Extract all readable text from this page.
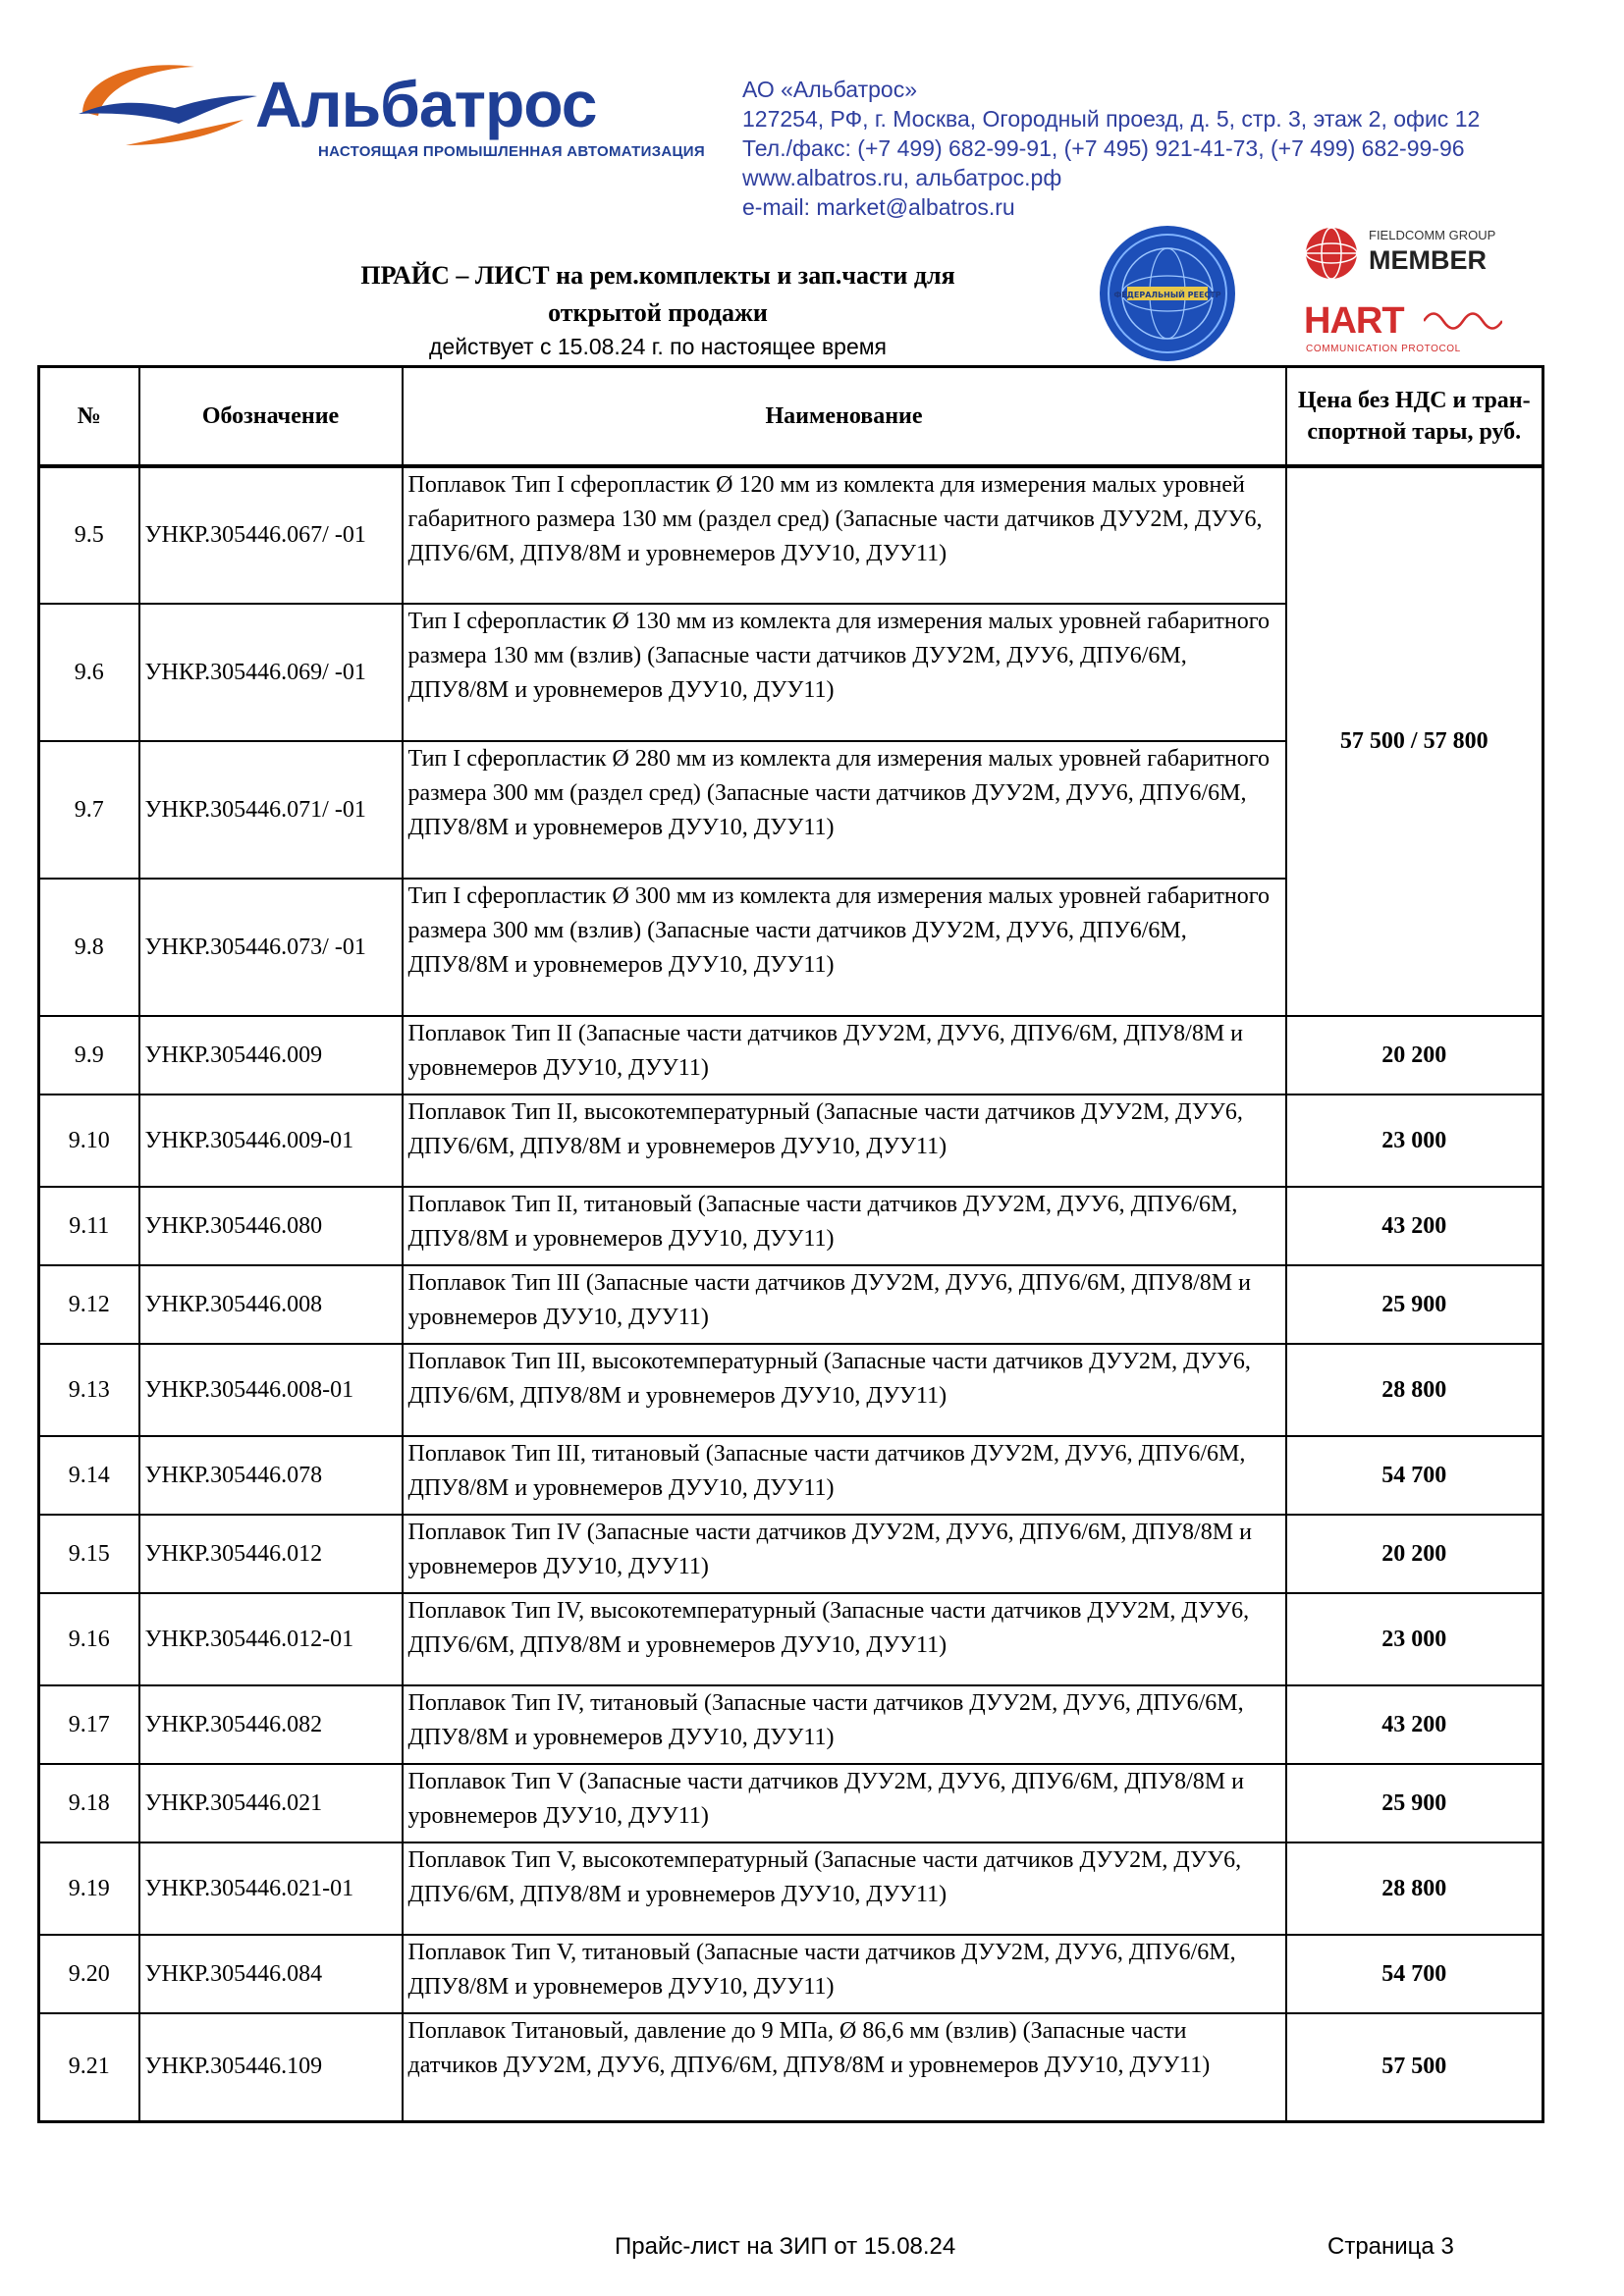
Альбатрос
НАСТОЯЩАЯ ПРОМЫШЛЕННАЯ АВТОМАТИЗАЦИЯ
АО «Альбатрос»
127254, РФ, г. Москва, Огородный проезд, д. 5, стр. 3, этаж 2, офис 12
Тел./факс: (+7 499) 682-99-91, (+7 495) 921-41-73, (+7 499) 682-99-96
www.albatros.ru, альбатрос.рф
e-mail: market@albatros.ru
ПРАЙС – ЛИСТ на рем.комплекты и зап.части для
открытой продажи
действует с 15.08.24 г. по настоящее время
ФЕДЕРАЛЬНЫЙ РЕЕСТР
FIELDCOMM GROUP
MEMBER
HART
COMMUNICATION PROTOCOL
№	Обозначение	Наименование	Цена без НДС и тран-спортной тары, руб.
9.5	УНКР.305446.067/ -01	Поплавок Тип I сферопластик Ø 120 мм из комлекта для измерения малых уровней габаритного размера 130 мм (раздел сред) (Запасные части датчиков ДУУ2М, ДУУ6, ДПУ6/6М, ДПУ8/8М и уровнемеров ДУУ10, ДУУ11)	57 500 / 57 800
9.6	УНКР.305446.069/ -01	Тип I сферопластик Ø 130 мм из комлекта для измерения малых уровней габаритного размера 130 мм (взлив) (Запасные части датчиков ДУУ2М, ДУУ6, ДПУ6/6М, ДПУ8/8М и уровнемеров ДУУ10, ДУУ11)	
9.7	УНКР.305446.071/ -01	Тип I сферопластик Ø 280 мм из комлекта для измерения малых уровней габаритного размера 300 мм (раздел сред) (Запасные части датчиков ДУУ2М, ДУУ6, ДПУ6/6М, ДПУ8/8М и уровнемеров ДУУ10, ДУУ11)	
9.8	УНКР.305446.073/ -01	Тип I сферопластик Ø 300 мм из комлекта для измерения малых уровней габаритного размера 300 мм (взлив) (Запасные части датчиков ДУУ2М, ДУУ6, ДПУ6/6М, ДПУ8/8М и уровнемеров ДУУ10, ДУУ11)	
9.9	УНКР.305446.009	Поплавок Тип II (Запасные части датчиков ДУУ2М, ДУУ6, ДПУ6/6М, ДПУ8/8М и уровнемеров ДУУ10, ДУУ11)	20 200
9.10	УНКР.305446.009-01	Поплавок Тип II, высокотемпературный (Запасные части датчиков ДУУ2М, ДУУ6, ДПУ6/6М, ДПУ8/8М и уровнемеров ДУУ10, ДУУ11)	23 000
9.11	УНКР.305446.080	Поплавок Тип II, титановый (Запасные части датчиков ДУУ2М, ДУУ6, ДПУ6/6М, ДПУ8/8М и уровнемеров ДУУ10, ДУУ11)	43 200
9.12	УНКР.305446.008	Поплавок Тип III (Запасные части датчиков ДУУ2М, ДУУ6, ДПУ6/6М, ДПУ8/8М и уровнемеров ДУУ10, ДУУ11)	25 900
9.13	УНКР.305446.008-01	Поплавок Тип III, высокотемпературный (Запасные части датчиков ДУУ2М, ДУУ6, ДПУ6/6М, ДПУ8/8М и уровнемеров ДУУ10, ДУУ11)	28 800
9.14	УНКР.305446.078	Поплавок Тип III, титановый (Запасные части датчиков ДУУ2М, ДУУ6, ДПУ6/6М, ДПУ8/8М и уровнемеров ДУУ10, ДУУ11)	54 700
9.15	УНКР.305446.012	Поплавок Тип IV (Запасные части датчиков ДУУ2М, ДУУ6, ДПУ6/6М, ДПУ8/8М и уровнемеров ДУУ10, ДУУ11)	20 200
9.16	УНКР.305446.012-01	Поплавок Тип IV, высокотемпературный (Запасные части датчиков ДУУ2М, ДУУ6, ДПУ6/6М, ДПУ8/8М и уровнемеров ДУУ10, ДУУ11)	23 000
9.17	УНКР.305446.082	Поплавок Тип IV, титановый (Запасные части датчиков ДУУ2М, ДУУ6, ДПУ6/6М, ДПУ8/8М и уровнемеров ДУУ10, ДУУ11)	43 200
9.18	УНКР.305446.021	Поплавок Тип V (Запасные части датчиков ДУУ2М, ДУУ6, ДПУ6/6М, ДПУ8/8М и уровнемеров ДУУ10, ДУУ11)	25 900
9.19	УНКР.305446.021-01	Поплавок Тип V, высокотемпературный (Запасные части датчиков ДУУ2М, ДУУ6, ДПУ6/6М, ДПУ8/8М и уровнемеров ДУУ10, ДУУ11)	28 800
9.20	УНКР.305446.084	Поплавок Тип V, титановый (Запасные части датчиков ДУУ2М, ДУУ6, ДПУ6/6М, ДПУ8/8М и уровнемеров ДУУ10, ДУУ11)	54 700
9.21	УНКР.305446.109	Поплавок Титановый, давление до 9 МПа, Ø 86,6 мм (взлив) (Запасные части датчиков ДУУ2М, ДУУ6, ДПУ6/6М, ДПУ8/8М и уровнемеров ДУУ10, ДУУ11)	57 500
Прайс-лист на ЗИП от 15.08.24	Страница 3
